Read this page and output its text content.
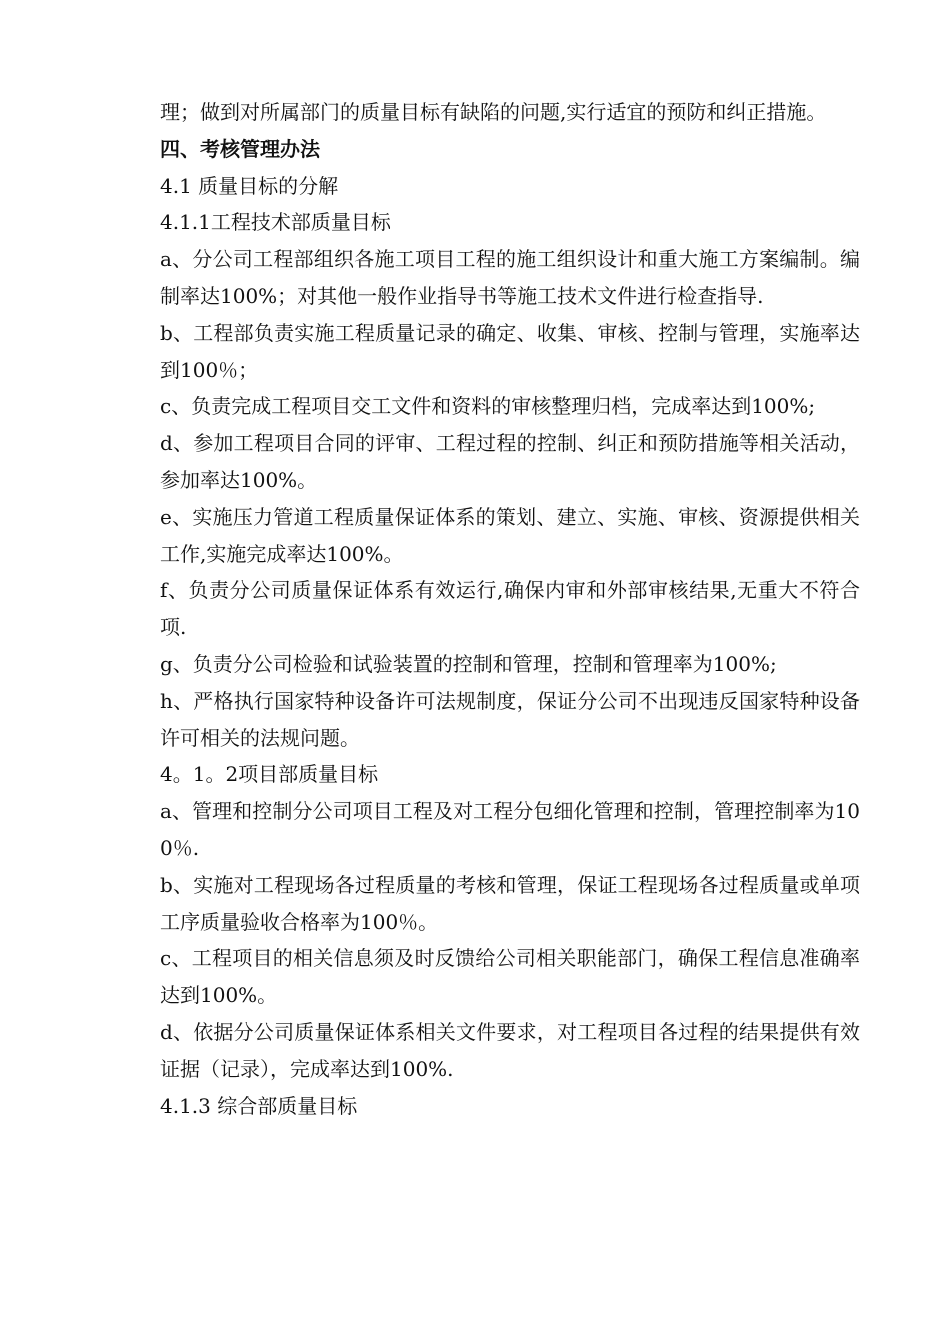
理；做到对所属部门的质量目标有缺陷的问题,实行适宜的预防和纠正措施。

四、考核管理办法

4.1 质量目标的分解

4.1.1工程技术部质量目标

a、分公司工程部组织各施工项目工程的施工组织设计和重大施工方案编制。编制率达100%；对其他一般作业指导书等施工技术文件进行检查指导.

b、工程部负责实施工程质量记录的确定、收集、审核、控制与管理，实施率达到100％；

c、负责完成工程项目交工文件和资料的审核整理归档，完成率达到100%;

d、参加工程项目合同的评审、工程过程的控制、纠正和预防措施等相关活动，参加率达100%。

e、实施压力管道工程质量保证体系的策划、建立、实施、审核、资源提供相关工作,实施完成率达100%。

f、负责分公司质量保证体系有效运行,确保内审和外部审核结果,无重大不符合项.

g、负责分公司检验和试验装置的控制和管理，控制和管理率为100%;

h、严格执行国家特种设备许可法规制度，保证分公司不出现违反国家特种设备许可相关的法规问题。

4。1。2项目部质量目标

a、管理和控制分公司项目工程及对工程分包细化管理和控制，管理控制率为100％.

b、实施对工程现场各过程质量的考核和管理，保证工程现场各过程质量或单项工序质量验收合格率为100％。

c、工程项目的相关信息须及时反馈给公司相关职能部门，确保工程信息准确率达到100%。

d、依据分公司质量保证体系相关文件要求，对工程项目各过程的结果提供有效证据（记录），完成率达到100%.

4.1.3 综合部质量目标
